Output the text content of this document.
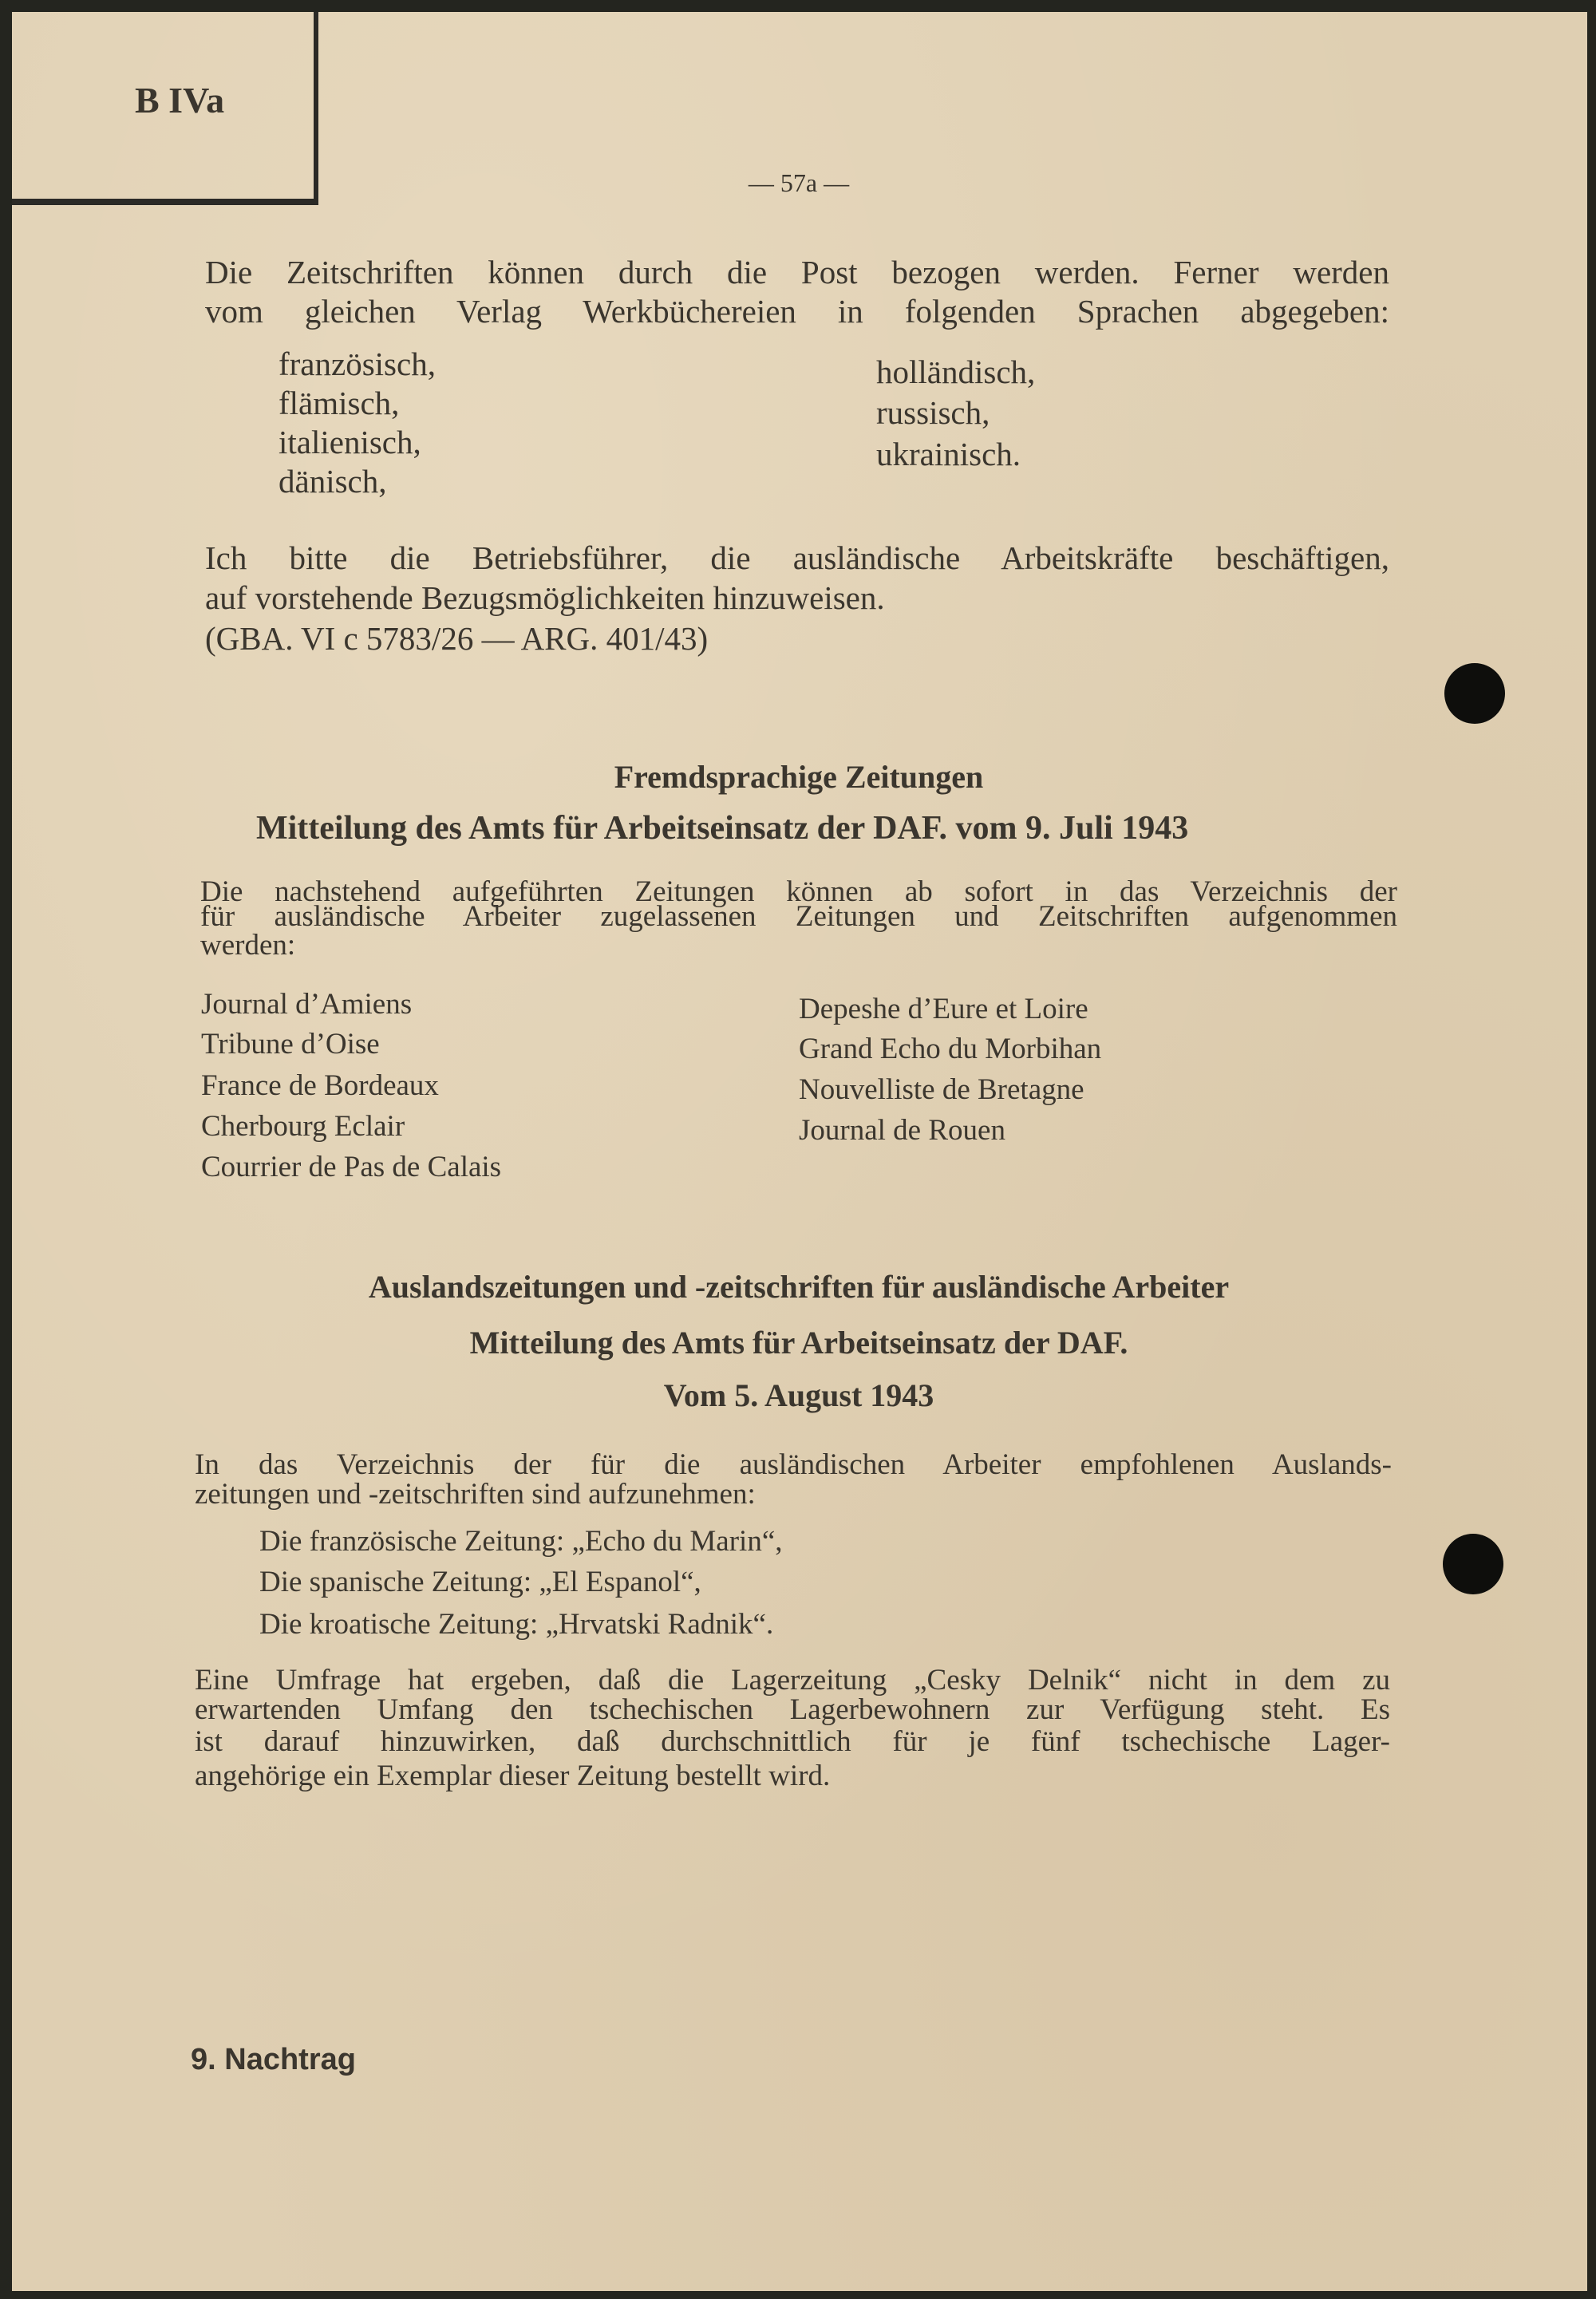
B IVa
— 57a —
Die Zeitschriften können durch die Post bezogen werden. Ferner werden
vom gleichen Verlag Werkbüchereien in folgenden Sprachen abgegeben:
französisch,
flämisch,
italienisch,
dänisch,
holländisch,
russisch,
ukrainisch.
Ich bitte die Betriebsführer, die ausländische Arbeitskräfte beschäftigen,
auf vorstehende Bezugsmöglichkeiten hinzuweisen.
(GBA. VI c 5783/26 — ARG. 401/43)
Fremdsprachige Zeitungen
Mitteilung des Amts für Arbeitseinsatz der DAF. vom 9. Juli 1943
Die nachstehend aufgeführten Zeitungen können ab sofort in das Verzeichnis der
für ausländische Arbeiter zugelassenen Zeitungen und Zeitschriften aufgenommen
werden:
Journal d’Amiens
Tribune d’Oise
France de Bordeaux
Cherbourg Eclair
Courrier de Pas de Calais
Depeshe d’Eure et Loire
Grand Echo du Morbihan
Nouvelliste de Bretagne
Journal de Rouen
Auslandszeitungen und -zeitschriften für ausländische Arbeiter
Mitteilung des Amts für Arbeitseinsatz der DAF.
Vom 5. August 1943
In das Verzeichnis der für die ausländischen Arbeiter empfohlenen Auslands-
zeitungen und -zeitschriften sind aufzunehmen:
Die französische Zeitung: „Echo du Marin“,
Die spanische Zeitung: „El Espanol“,
Die kroatische Zeitung: „Hrvatski Radnik“.
Eine Umfrage hat ergeben, daß die Lagerzeitung „Cesky Delnik“ nicht in dem zu
erwartenden Umfang den tschechischen Lagerbewohnern zur Verfügung steht. Es
ist darauf hinzuwirken, daß durchschnittlich für je fünf tschechische Lager-
angehörige ein Exemplar dieser Zeitung bestellt wird.
9. Nachtrag
